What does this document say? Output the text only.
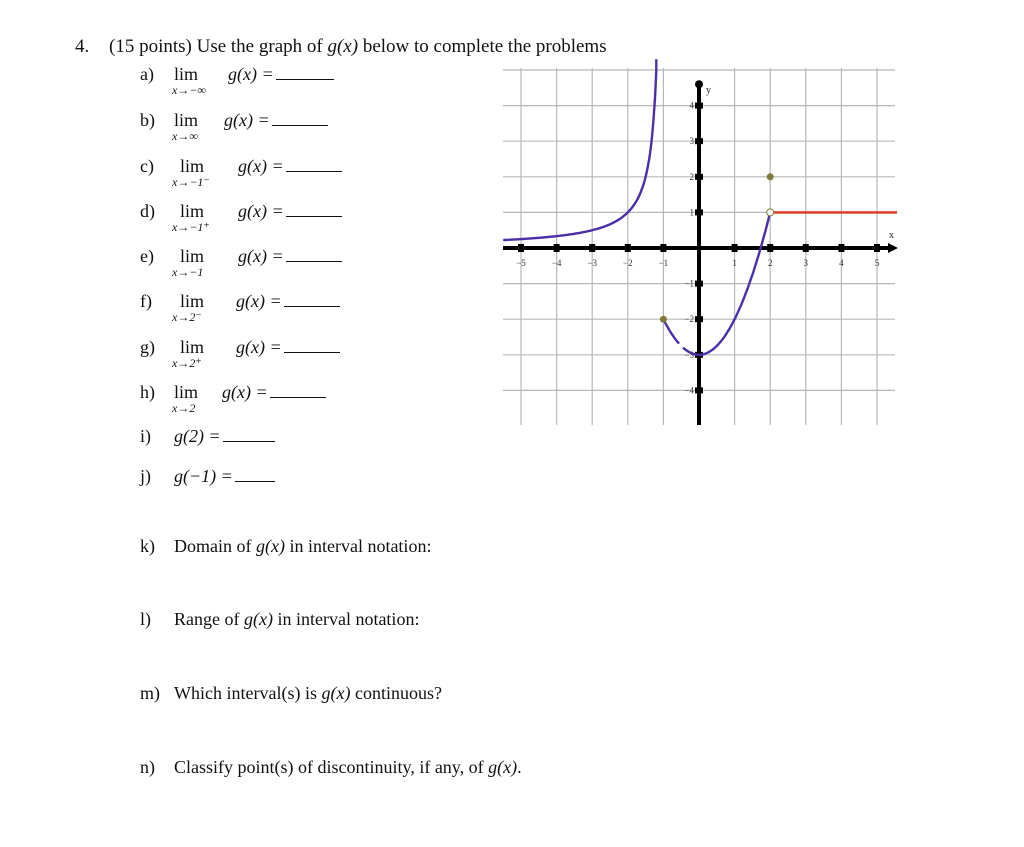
4. (15 points) Use the graph of g(x) below to complete the problems
a) lim
x→−∞
g(x) =
b) lim
x→∞
g(x) =
c) lim
x→−1⁻
g(x) =
d) lim
x→−1⁺
g(x) =
e) lim
x→−1
g(x) =
f) lim
x→2⁻
g(x) =
g) lim
x→2⁺
g(x) =
h) lim
x→2
g(x) =
i) g(2) =
j) g(−1) =
k) Domain of g(x) in interval notation:
l) Range of g(x) in interval notation:
m) Which interval(s) is g(x) continuous?
n) Classify point(s) of discontinuity, if any, of g(x).
−5	−4	−3	−2	−1	1	2	3	4	5
4
3
2
1
−1
−2
−3
−4
x
y
